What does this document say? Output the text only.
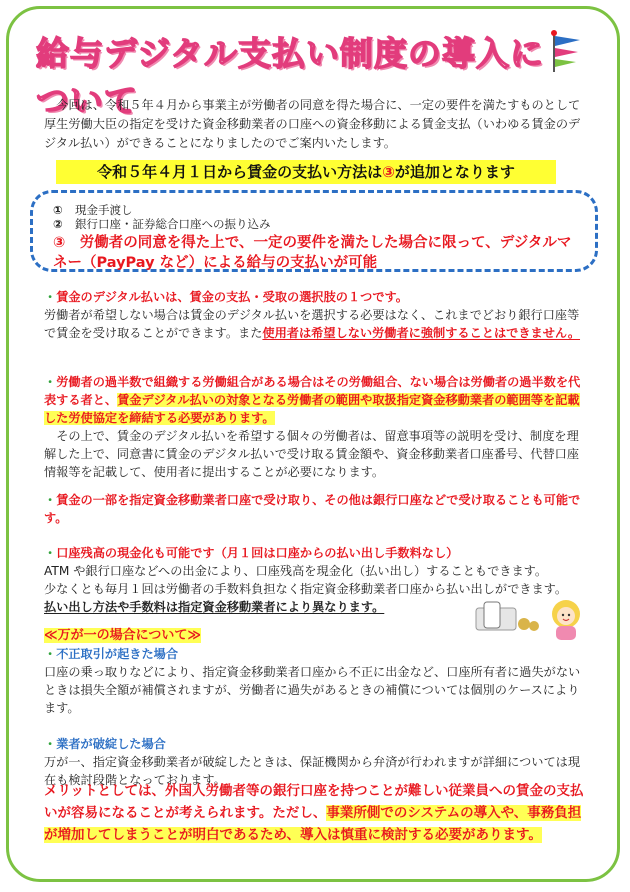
給与デジタル支払い制度の導入について

今回は、令和５年４月から事業主が労働者の同意を得た場合に、一定の要件を満たすものとして厚生労働大臣の指定を受けた資金移動業者の口座への資金移動による賃金支払（いわゆる賃金のデジタル払い）ができることになりましたのでご案内いたします。

令和５年４月１日から賃金の支払い方法は③が追加となります
① 現金手渡し
② 銀行口座・証券総合口座への振り込み
③　 労働者の同意を得た上で、一定の要件を満たした場合に限って、デジタルマネー（PayPay など）による給与の支払いが可能
・賃金のデジタル払いは、賃金の支払・受取の選択肢の１つです。
労働者が希望しない場合は賃金のデジタル払いを選択する必要はなく、これまでどおり銀行口座等で賃金を受け取ることができます。また使用者は希望しない労働者に強制することはできません。
・労働者の過半数で組織する労働組合がある場合はその労働組合、ない場合は労働者の過半数を代表する者と、賃金デジタル払いの対象となる労働者の範囲や取扱指定資金移動業者の範囲等を記載した労使協定を締結する必要があります。
その上で、賃金のデジタル払いを希望する個々の労働者は、留意事項等の説明を受け、制度を理解した上で、同意書に賃金のデジタル払いで受け取る賃金額や、資金移動業者口座番号、代替口座情報等を記載して、使用者に提出することが必要になります。
・賃金の一部を指定資金移動業者口座で受け取り、その他は銀行口座などで受け取ることも可能です。
・口座残高の現金化も可能です（月１回は口座からの払い出し手数料なし）
ATM や銀行口座などへの出金により、口座残高を現金化（払い出し）することもできます。
少なくとも毎月１回は労働者の手数料負担なく指定資金移動業者口座から払い出しができます。
払い出し方法や手数料は指定資金移動業者により異なります。
≪万が一の場合について≫
・不正取引が起きた場合
口座の乗っ取りなどにより、指定資金移動業者口座から不正に出金など、口座所有者に過失がないときは損失全額が補償されますが、労働者に過失があるときの補償については個別のケースによります。
・業者が破綻した場合
万が一、指定資金移動業者が破綻したときは、保証機関から弁済が行われますが詳細については現在も検討段階となっております。
メリットとしては、外国人労働者等の銀行口座を持つことが難しい従業員への賃金の支払いが容易になることが考えられます。ただし、事業所側でのシステムの導入や、事務負担が増加してしまうことが明白であるため、導入は慎重に検討する必要があります。
